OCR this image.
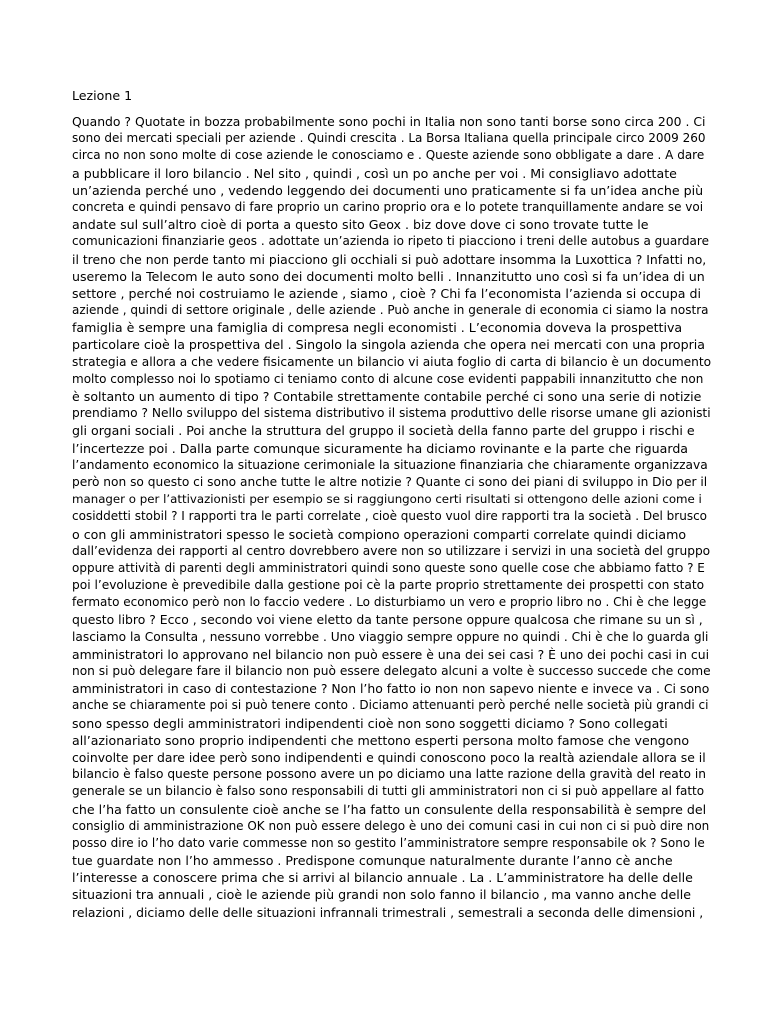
Lezione 1
Quando ? Quotate in bozza probabilmente sono pochi in Italia non sono tanti borse sono circa 200 . Ci
sono dei mercati speciali per aziende . Quindi crescita . La Borsa Italiana quella principale circo 2009 260
circa no non sono molte di cose aziende le conosciamo e . Queste aziende sono obbligate a dare . A dare
a pubblicare il loro bilancio . Nel sito , quindi , così un po anche per voi . Mi consigliavo adottate
un’azienda perché uno , vedendo leggendo dei documenti uno praticamente si fa un’idea anche più
concreta e quindi pensavo di fare proprio un carino proprio ora e lo potete tranquillamente andare se voi
andate sul sull’altro cioè di porta a questo sito Geox . biz dove dove ci sono trovate tutte le
comunicazioni finanziarie geos . adottate un’azienda io ripeto ti piacciono i treni delle autobus a guardare
il treno che non perde tanto mi piacciono gli occhiali si può adottare insomma la Luxottica ? Infatti no,
useremo la Telecom le auto sono dei documenti molto belli . Innanzitutto uno così si fa un’idea di un
settore , perché noi costruiamo le aziende , siamo , cioè ? Chi fa l’economista l’azienda si occupa di
aziende , quindi di settore originale , delle aziende . Può anche in generale di economia ci siamo la nostra
famiglia è sempre una famiglia di compresa negli economisti . L’economia doveva la prospettiva
particolare cioè la prospettiva del . Singolo la singola azienda che opera nei mercati con una propria
strategia e allora a che vedere fisicamente un bilancio vi aiuta foglio di carta di bilancio è un documento
molto complesso noi lo spotiamo ci teniamo conto di alcune cose evidenti pappabili innanzitutto che non
è soltanto un aumento di tipo ? Contabile strettamente contabile perché ci sono una serie di notizie
prendiamo ? Nello sviluppo del sistema distributivo il sistema produttivo delle risorse umane gli azionisti
gli organi sociali . Poi anche la struttura del gruppo il società della fanno parte del gruppo i rischi e
l’incertezze poi . Dalla parte comunque sicuramente ha diciamo rovinante e la parte che riguarda
l’andamento economico la situazione cerimoniale la situazione finanziaria che chiaramente organizzava
però non so questo ci sono anche tutte le altre notizie ? Quante ci sono dei piani di sviluppo in Dio per il
manager o per l’attivazionisti per esempio se si raggiungono certi risultati si ottengono delle azioni come i
cosiddetti stobil ? I rapporti tra le parti correlate , cioè questo vuol dire rapporti tra la società . Del brusco
o con gli amministratori spesso le società compiono operazioni comparti correlate quindi diciamo
dall’evidenza dei rapporti al centro dovrebbero avere non so utilizzare i servizi in una società del gruppo
oppure attività di parenti degli amministratori quindi sono queste sono quelle cose che abbiamo fatto ? E
poi l’evoluzione è prevedibile dalla gestione poi cè la parte proprio strettamente dei prospetti con stato
fermato economico però non lo faccio vedere . Lo disturbiamo un vero e proprio libro no . Chi è che legge
questo libro ? Ecco , secondo voi viene eletto da tante persone oppure qualcosa che rimane su un sì ,
lasciamo la Consulta , nessuno vorrebbe . Uno viaggio sempre oppure no quindi . Chi è che lo guarda gli
amministratori lo approvano nel bilancio non può essere è una dei sei casi ? È uno dei pochi casi in cui
non si può delegare fare il bilancio non può essere delegato alcuni a volte è successo succede che come
amministratori in caso di contestazione ? Non l’ho fatto io non non sapevo niente e invece va . Ci sono
anche se chiaramente poi si può tenere conto . Diciamo attenuanti però perché nelle società più grandi ci
sono spesso degli amministratori indipendenti cioè non sono soggetti diciamo ? Sono collegati
all’azionariato sono proprio indipendenti che mettono esperti persona molto famose che vengono
coinvolte per dare idee però sono indipendenti e quindi conoscono poco la realtà aziendale allora se il
bilancio è falso queste persone possono avere un po diciamo una latte razione della gravità del reato in
generale se un bilancio è falso sono responsabili di tutti gli amministratori non ci si può appellare al fatto
che l’ha fatto un consulente cioè anche se l’ha fatto un consulente della responsabilità è sempre del
consiglio di amministrazione OK non può essere delego è uno dei comuni casi in cui non ci si può dire non
posso dire io l’ho dato varie commesse non so gestito l’amministratore sempre responsabile ok ? Sono le
tue guardate non l’ho ammesso . Predispone comunque naturalmente durante l’anno cè anche
l’interesse a conoscere prima che si arrivi al bilancio annuale . La . L’amministratore ha delle delle
situazioni tra annuali , cioè le aziende più grandi non solo fanno il bilancio , ma vanno anche delle
relazioni , diciamo delle delle situazioni infrannali trimestrali , semestrali a seconda delle dimensioni ,
